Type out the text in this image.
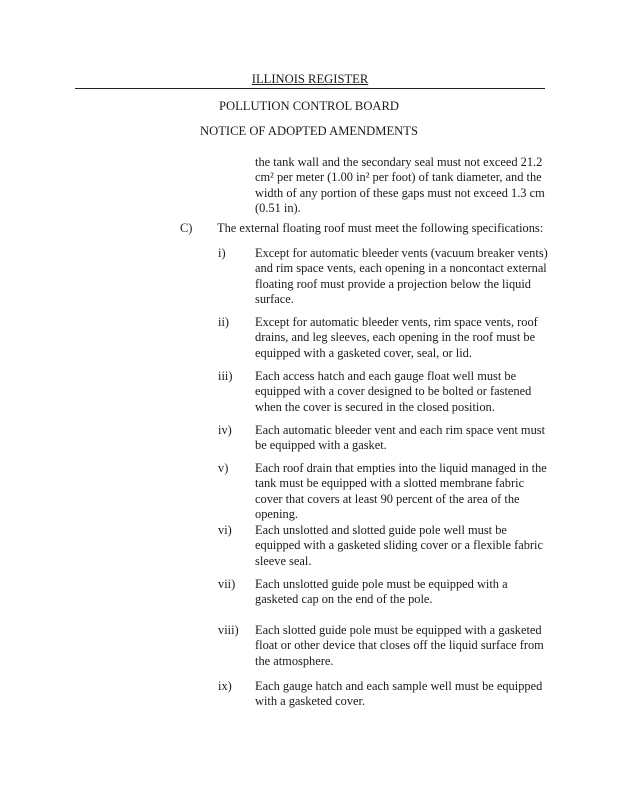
ILLINOIS REGISTER
POLLUTION CONTROL BOARD
NOTICE OF ADOPTED AMENDMENTS
the tank wall and the secondary seal must not exceed 21.2
cm² per meter (1.00 in² per foot) of tank diameter, and the
width of any portion of these gaps must not exceed 1.3 cm
(0.51 in).
C) The external floating roof must meet the following specifications:
i) Except for automatic bleeder vents (vacuum breaker vents)
and rim space vents, each opening in a noncontact external
floating roof must provide a projection below the liquid
surface.
ii) Except for automatic bleeder vents, rim space vents, roof
drains, and leg sleeves, each opening in the roof must be
equipped with a gasketed cover, seal, or lid.
iii) Each access hatch and each gauge float well must be
equipped with a cover designed to be bolted or fastened
when the cover is secured in the closed position.
iv) Each automatic bleeder vent and each rim space vent must
be equipped with a gasket.
v) Each roof drain that empties into the liquid managed in the
tank must be equipped with a slotted membrane fabric
cover that covers at least 90 percent of the area of the
opening.
vi) Each unslotted and slotted guide pole well must be
equipped with a gasketed sliding cover or a flexible fabric
sleeve seal.
vii) Each unslotted guide pole must be equipped with a
gasketed cap on the end of the pole.
viii) Each slotted guide pole must be equipped with a gasketed
float or other device that closes off the liquid surface from
the atmosphere.
ix) Each gauge hatch and each sample well must be equipped
with a gasketed cover.
